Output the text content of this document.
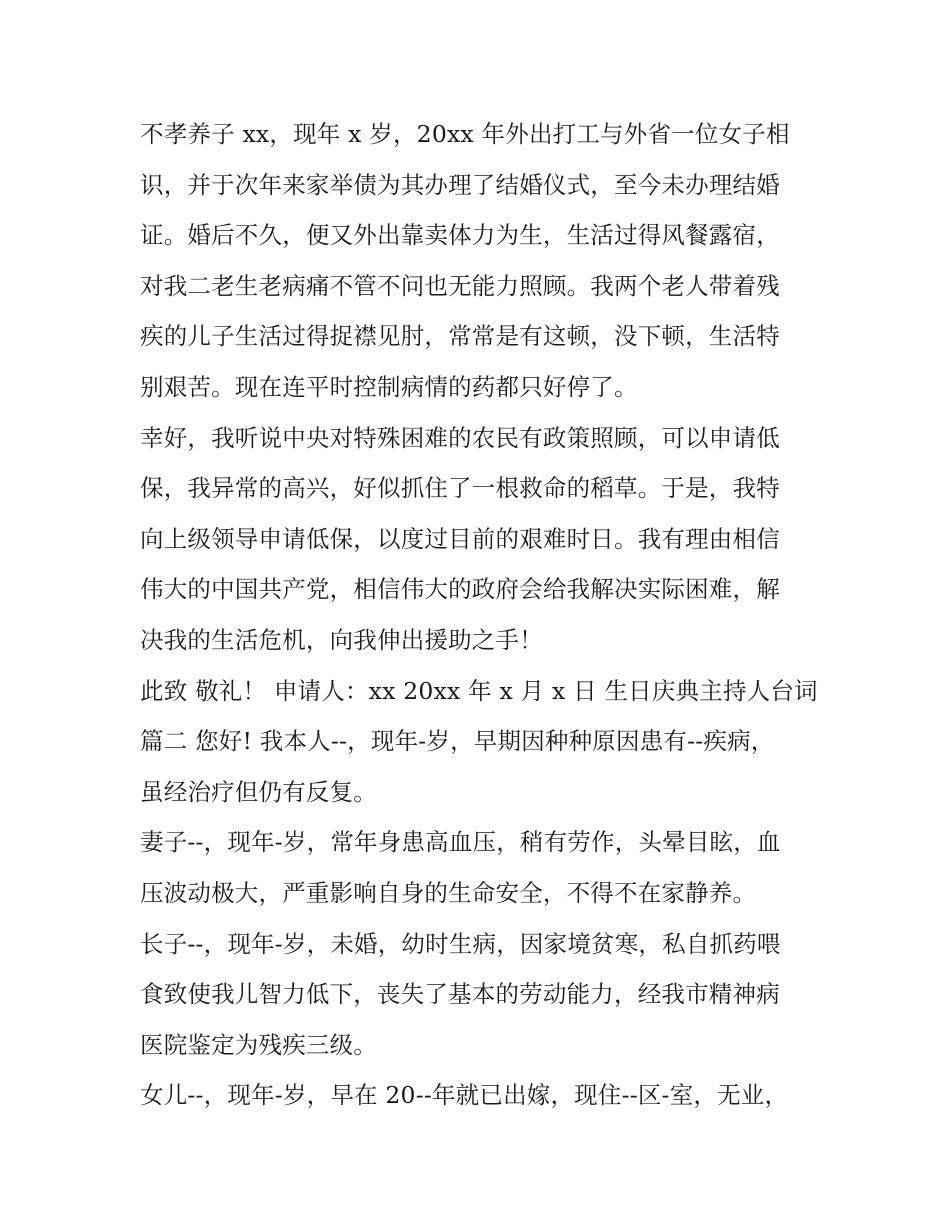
不孝养子 xx，现年 x 岁，20xx 年外出打工与外省一位女子相
识，并于次年来家举债为其办理了结婚仪式，至今未办理结婚
证。婚后不久，便又外出靠卖体力为生，生活过得风餐露宿，
对我二老生老病痛不管不问也无能力照顾。我两个老人带着残
疾的儿子生活过得捉襟见肘，常常是有这顿，没下顿，生活特
别艰苦。现在连平时控制病情的药都只好停了。
幸好，我听说中央对特殊困难的农民有政策照顾，可以申请低
保，我异常的高兴，好似抓住了一根救命的稻草。于是，我特
向上级领导申请低保，以度过目前的艰难时日。我有理由相信
伟大的中国共产党，相信伟大的政府会给我解决实际困难，解
决我的生活危机，向我伸出援助之手！
此致 敬礼！ 申请人：xx 20xx 年 x 月 x 日 生日庆典主持人台词
篇二 您好! 我本人--，现年-岁，早期因种种原因患有--疾病，
虽经治疗但仍有反复。
妻子--，现年-岁，常年身患高血压，稍有劳作，头晕目眩，血
压波动极大，严重影响自身的生命安全，不得不在家静养。
长子--，现年-岁，未婚，幼时生病，因家境贫寒，私自抓药喂
食致使我儿智力低下，丧失了基本的劳动能力，经我市精神病
医院鉴定为残疾三级。
女儿--，现年-岁，早在 20--年就已出嫁，现住--区-室，无业，
